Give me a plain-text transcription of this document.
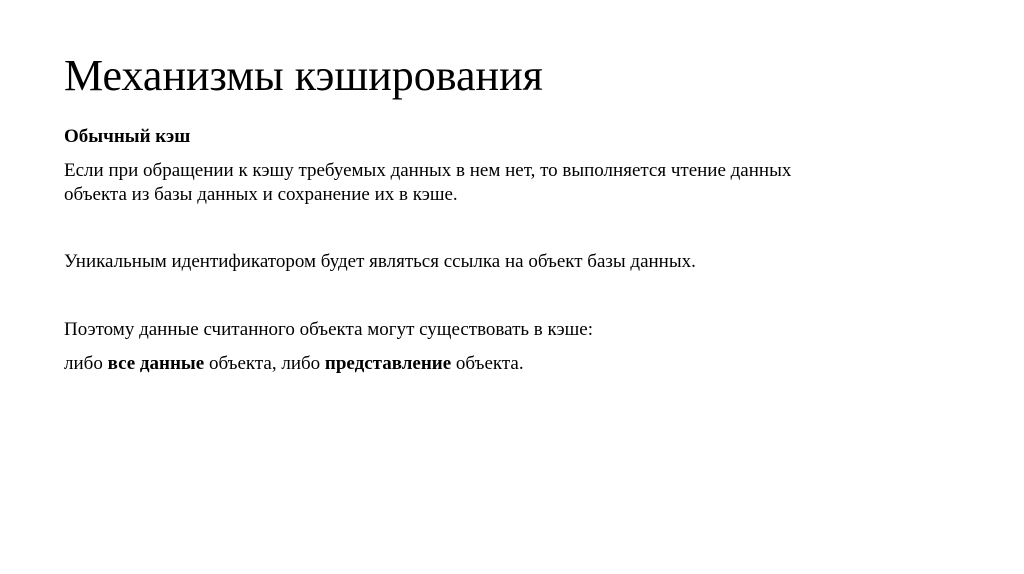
Механизмы кэширования
Обычный кэш
Если при обращении к кэшу требуемых данных в нем нет, то выполняется чтение данных
объекта из базы данных и сохранение их в кэше.
Уникальным идентификатором будет являться ссылка на объект базы данных.
Поэтому данные считанного объекта могут существовать в кэше:
либо все данные объекта, либо представление объекта.
